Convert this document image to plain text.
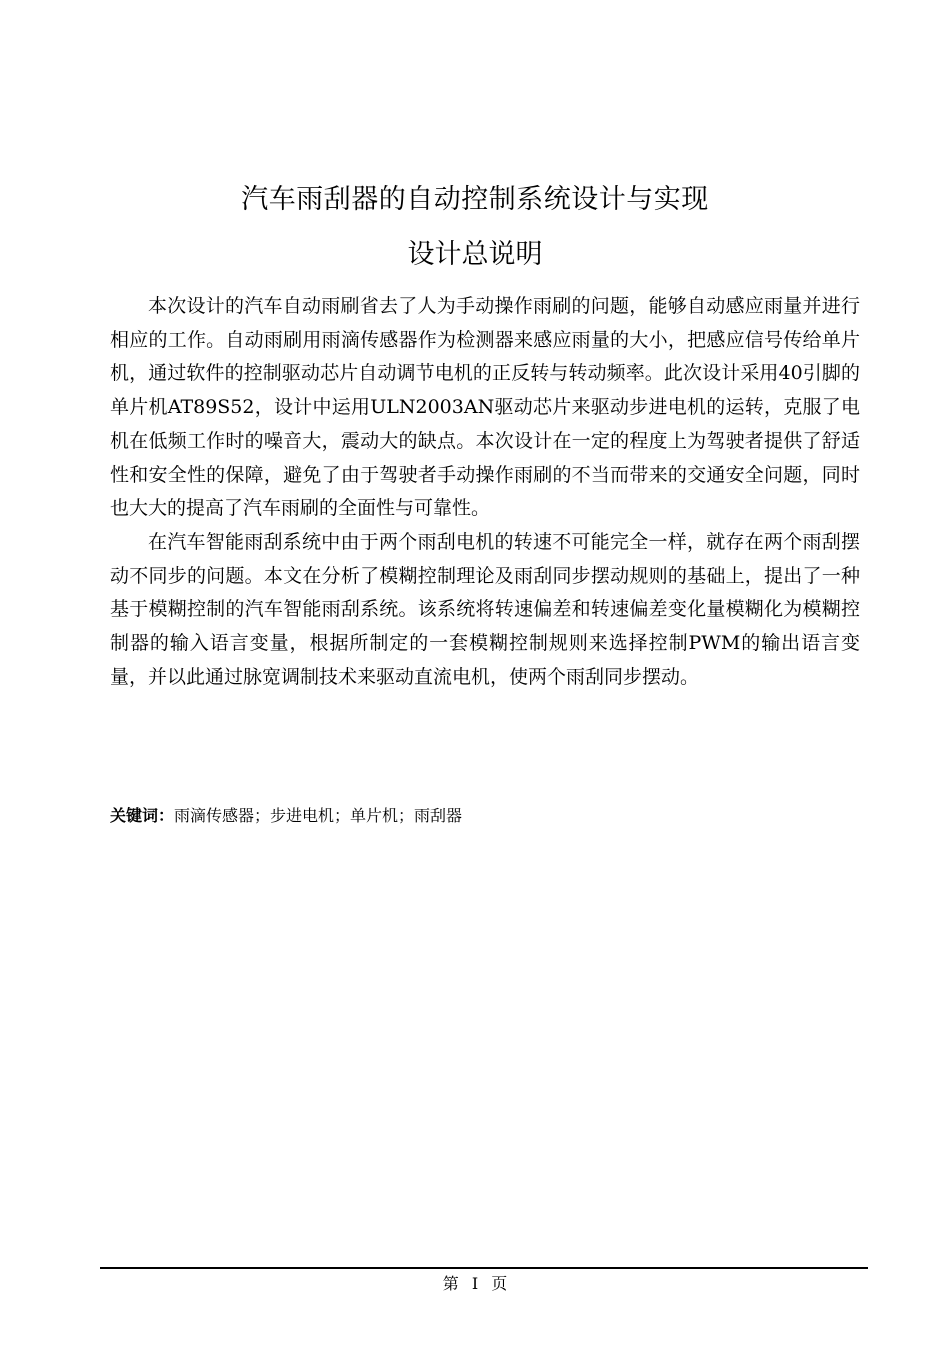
汽车雨刮器的自动控制系统设计与实现
设计总说明

本次设计的汽车自动雨刷省去了人为手动操作雨刷的问题，能够自动感应雨量并进行相应的工作。自动雨刷用雨滴传感器作为检测器来感应雨量的大小，把感应信号传给单片机，通过软件的控制驱动芯片自动调节电机的正反转与转动频率。此次设计采用40引脚的单片机AT89S52，设计中运用ULN2003AN驱动芯片来驱动步进电机的运转，克服了电机在低频工作时的噪音大，震动大的缺点。本次设计在一定的程度上为驾驶者提供了舒适性和安全性的保障，避免了由于驾驶者手动操作雨刷的不当而带来的交通安全问题，同时也大大的提高了汽车雨刷的全面性与可靠性。

在汽车智能雨刮系统中由于两个雨刮电机的转速不可能完全一样，就存在两个雨刮摆动不同步的问题。本文在分析了模糊控制理论及雨刮同步摆动规则的基础上，提出了一种基于模糊控制的汽车智能雨刮系统。该系统将转速偏差和转速偏差变化量模糊化为模糊控制器的输入语言变量，根据所制定的一套模糊控制规则来选择控制PWM的输出语言变量，并以此通过脉宽调制技术来驱动直流电机，使两个雨刮同步摆动。

关键词：雨滴传感器；步进电机；单片机；雨刮器
第 I 页
